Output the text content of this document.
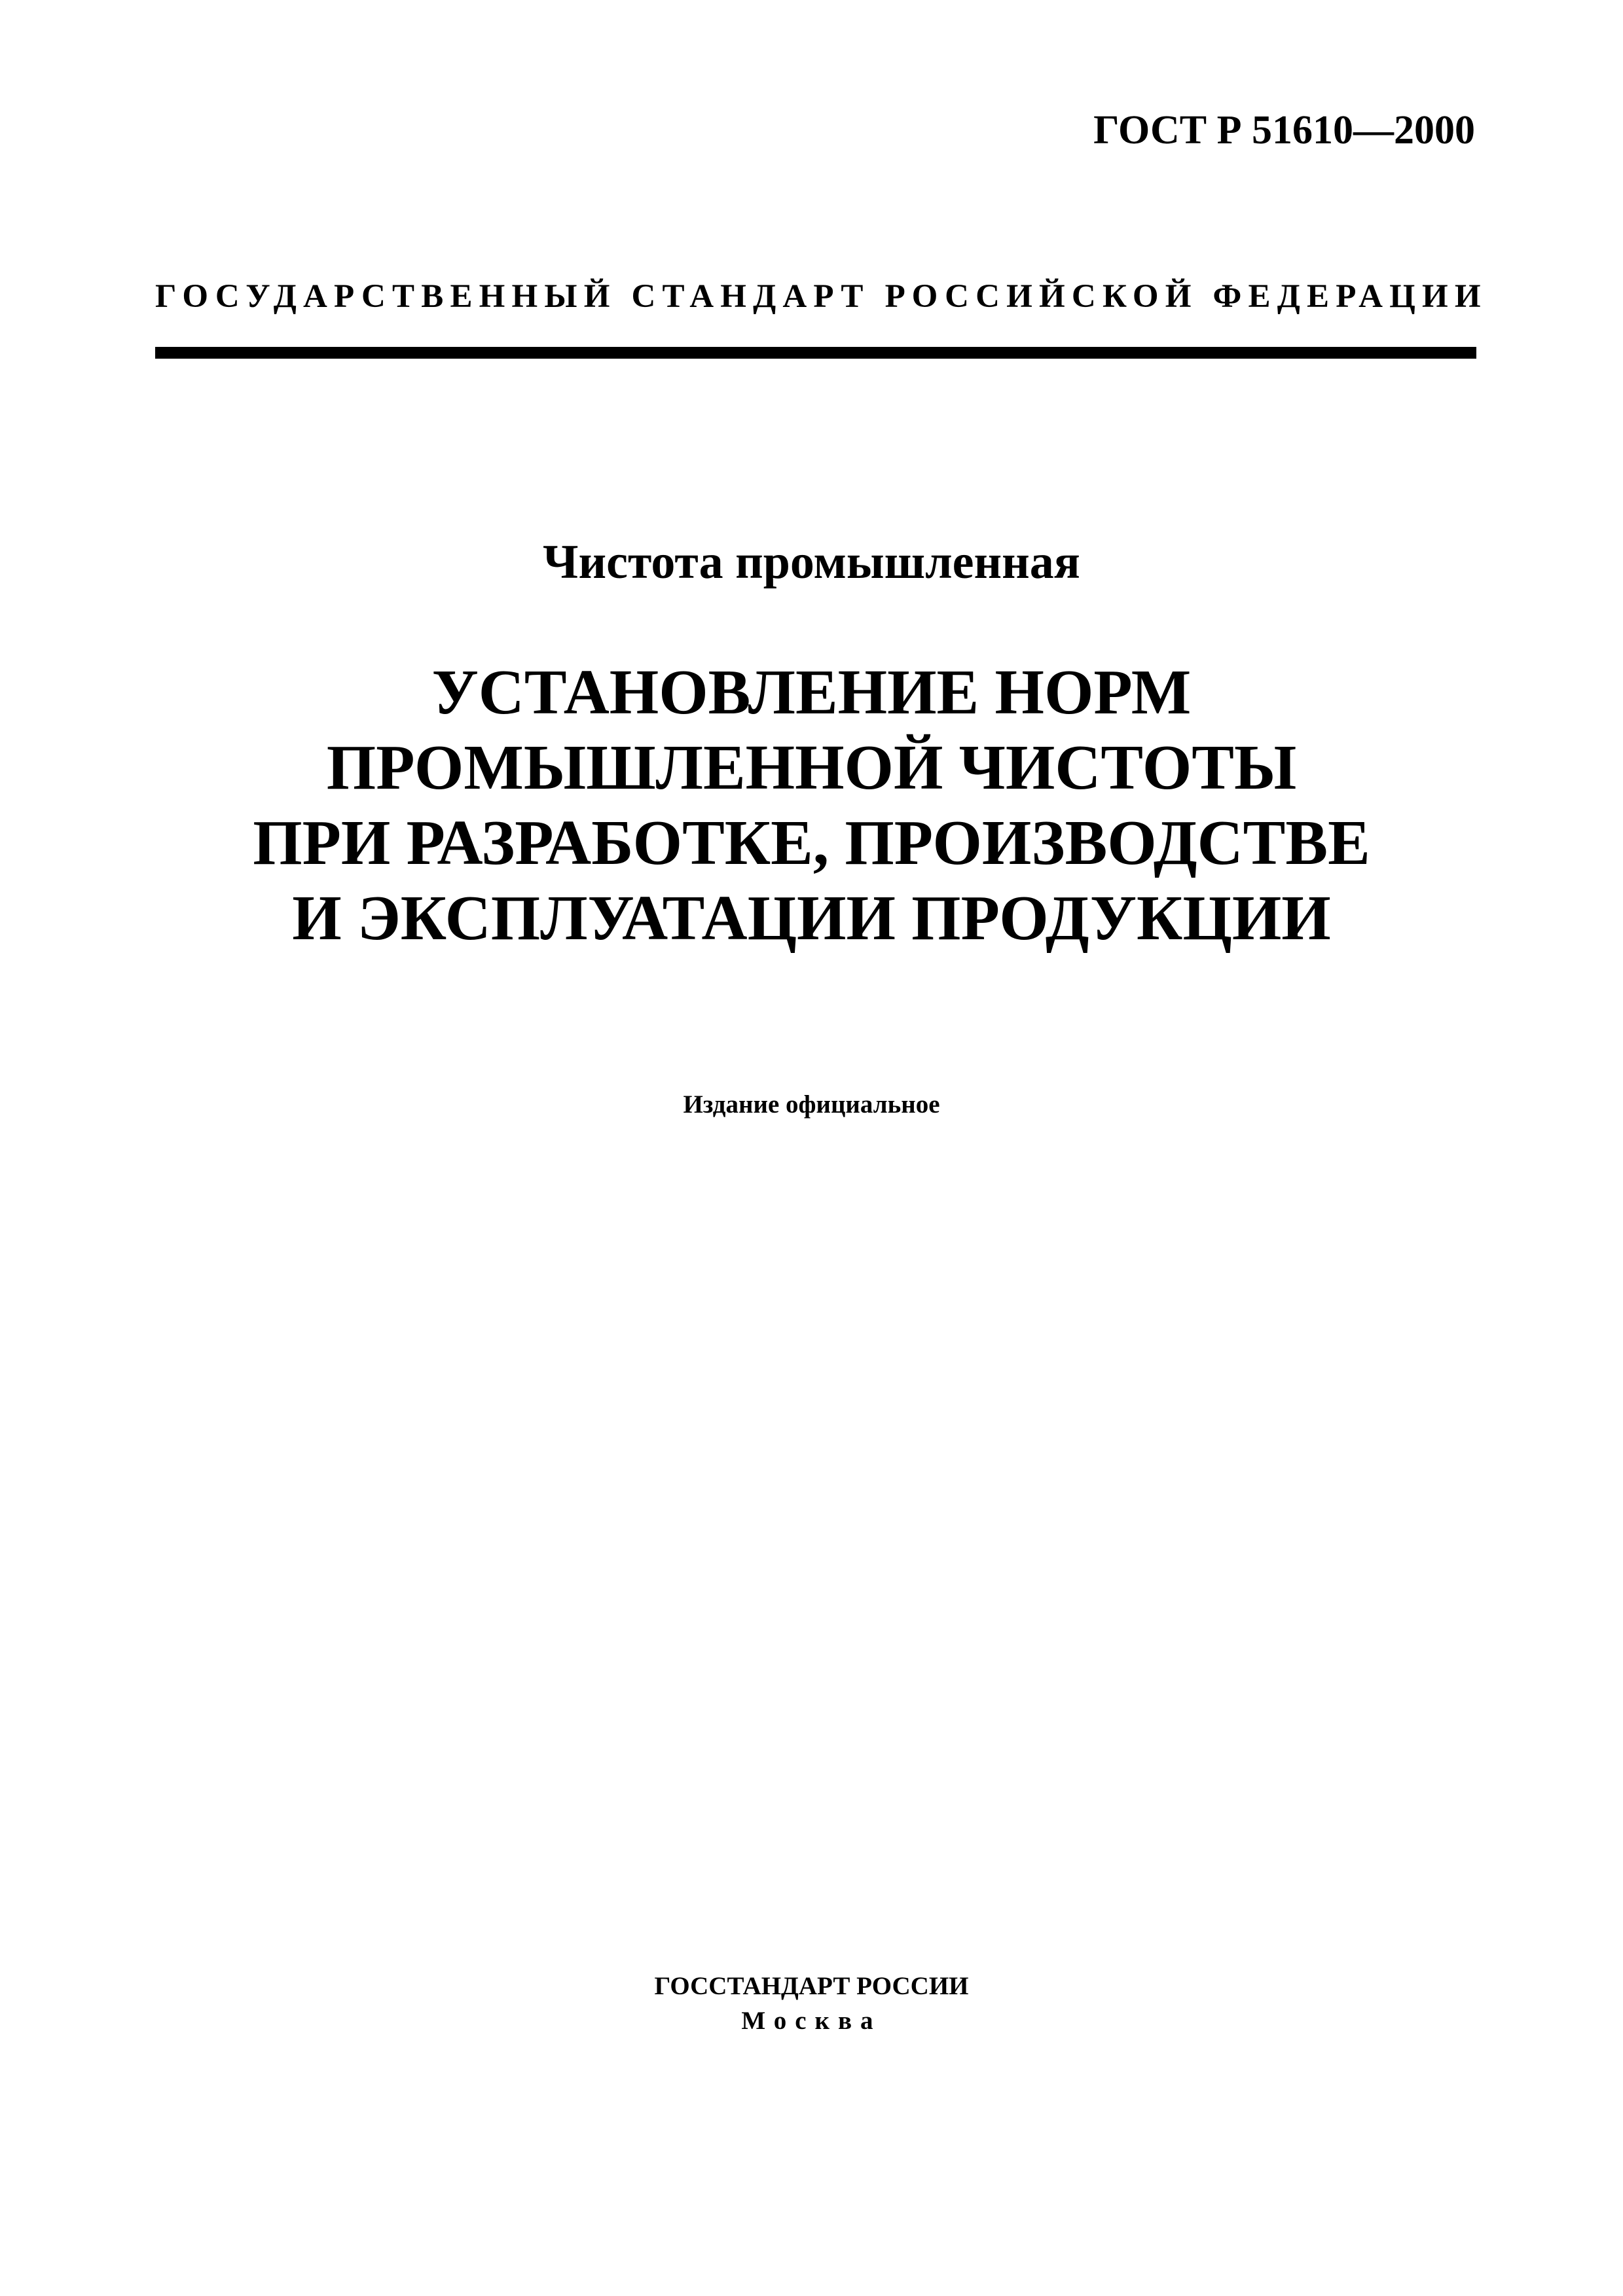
ГОСТ Р 51610—2000
ГОСУДАРСТВЕННЫЙ СТАНДАРТ РОССИЙСКОЙ ФЕДЕРАЦИИ
Чистота промышленная
УСТАНОВЛЕНИЕ НОРМ
ПРОМЫШЛЕННОЙ ЧИСТОТЫ
ПРИ РАЗРАБОТКЕ, ПРОИЗВОДСТВЕ
И ЭКСПЛУАТАЦИИ ПРОДУКЦИИ
Издание официальное
ГОССТАНДАРТ РОССИИ
Москва
